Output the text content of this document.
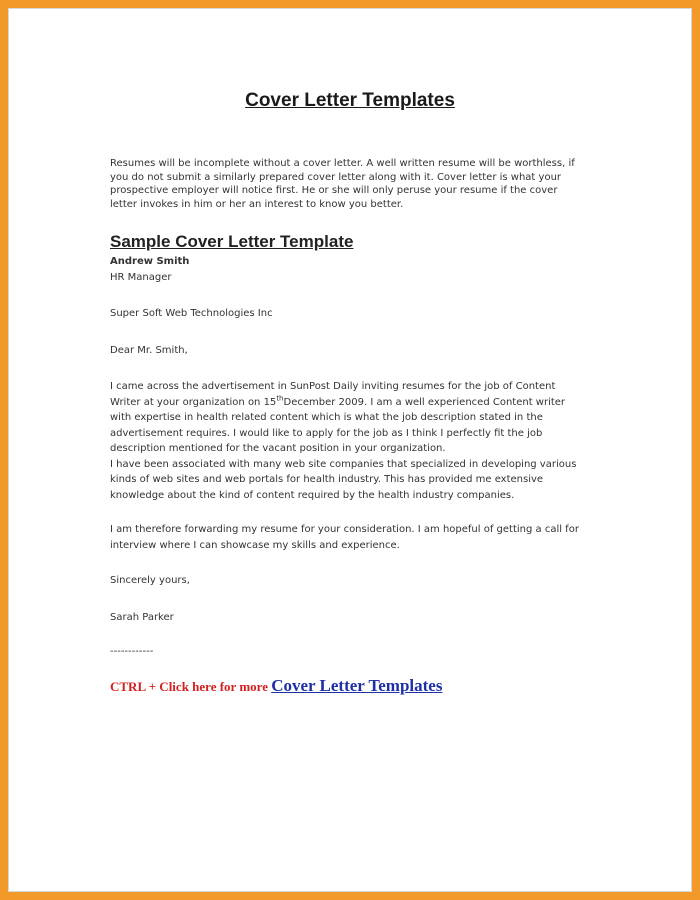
Cover Letter Templates

Resumes will be incomplete without a cover letter. A well written resume will be worthless, if
you do not submit a similarly prepared cover letter along with it. Cover letter is what your
prospective employer will notice first. He or she will only peruse your resume if the cover
letter invokes in him or her an interest to know you better.

Sample Cover Letter Template
Andrew Smith
HR Manager
Super Soft Web Technologies Inc
Dear Mr. Smith,

I came across the advertisement in SunPost Daily inviting resumes for the job of Content
Writer at your organization on 15thDecember 2009. I am a well experienced Content writer
with expertise in health related content which is what the job description stated in the
advertisement requires. I would like to apply for the job as I think I perfectly fit the job
description mentioned for the vacant position in your organization.
I have been associated with many web site companies that specialized in developing various
kinds of web sites and web portals for health industry. This has provided me extensive
knowledge about the kind of content required by the health industry companies.

I am therefore forwarding my resume for your consideration. I am hopeful of getting a call for
interview where I can showcase my skills and experience.

Sincerely yours,
Sarah Parker
------------
CTRL + Click here for more Cover Letter Templates
